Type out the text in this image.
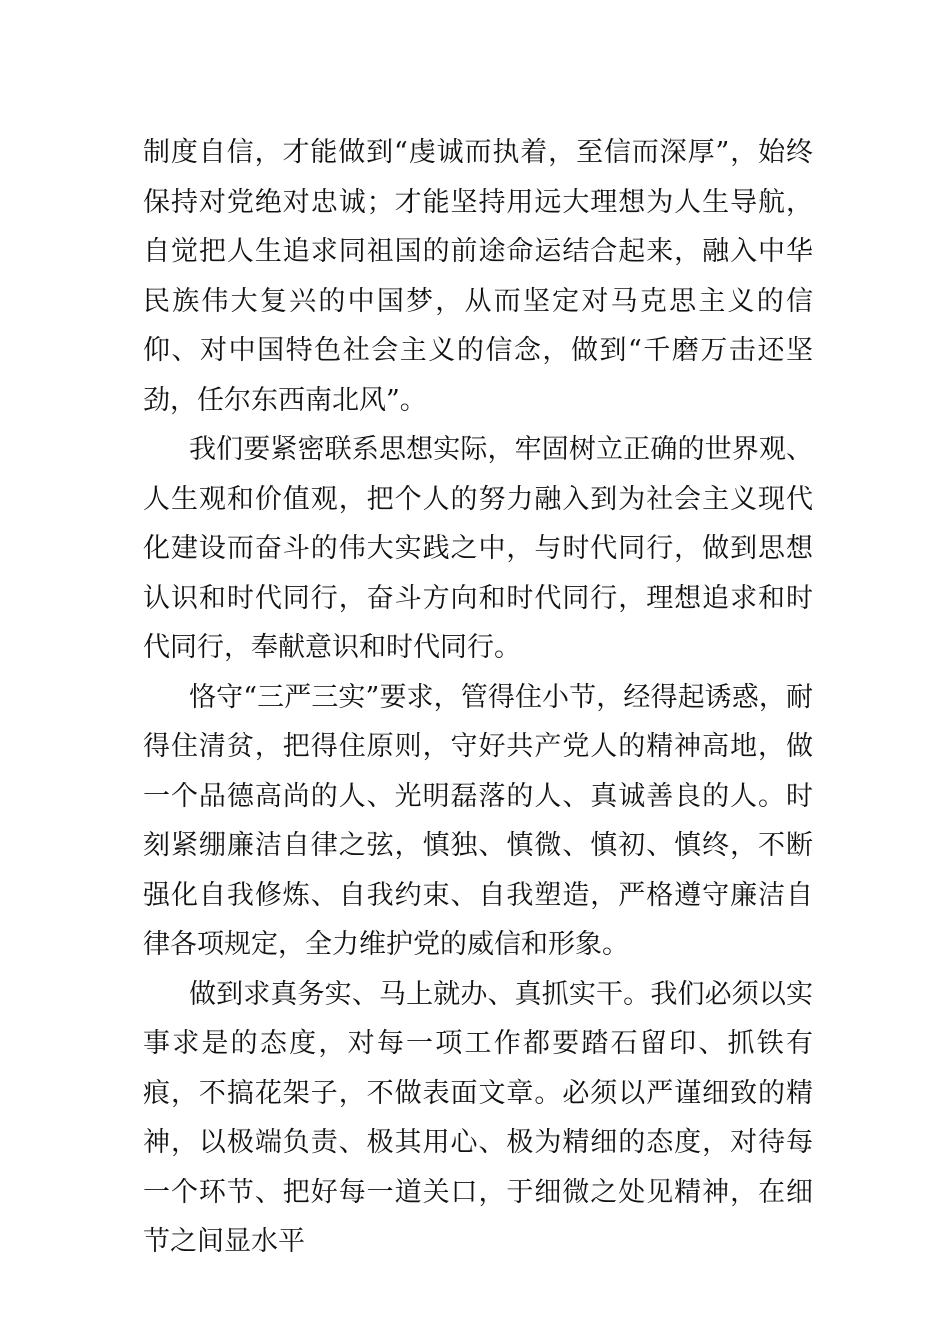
制度自信，才能做到“虔诚而执着，至信而深厚”，始终保持对党绝对忠诚；才能坚持用远大理想为人生导航，自觉把人生追求同祖国的前途命运结合起来，融入中华民族伟大复兴的中国梦，从而坚定对马克思主义的信仰、对中国特色社会主义的信念，做到“千磨万击还坚劲，任尔东西南北风”。

我们要紧密联系思想实际，牢固树立正确的世界观、人生观和价值观，把个人的努力融入到为社会主义现代化建设而奋斗的伟大实践之中，与时代同行，做到思想认识和时代同行，奋斗方向和时代同行，理想追求和时代同行，奉献意识和时代同行。

恪守“三严三实”要求，管得住小节，经得起诱惑，耐得住清贫，把得住原则，守好共产党人的精神高地，做一个品德高尚的人、光明磊落的人、真诚善良的人。时刻紧绷廉洁自律之弦，慎独、慎微、慎初、慎终，不断强化自我修炼、自我约束、自我塑造，严格遵守廉洁自律各项规定，全力维护党的威信和形象。

做到求真务实、马上就办、真抓实干。我们必须以实事求是的态度，对每一项工作都要踏石留印、抓铁有痕，不搞花架子，不做表面文章。必须以严谨细致的精神，以极端负责、极其用心、极为精细的态度，对待每一个环节、把好每一道关口，于细微之处见精神，在细节之间显水平
